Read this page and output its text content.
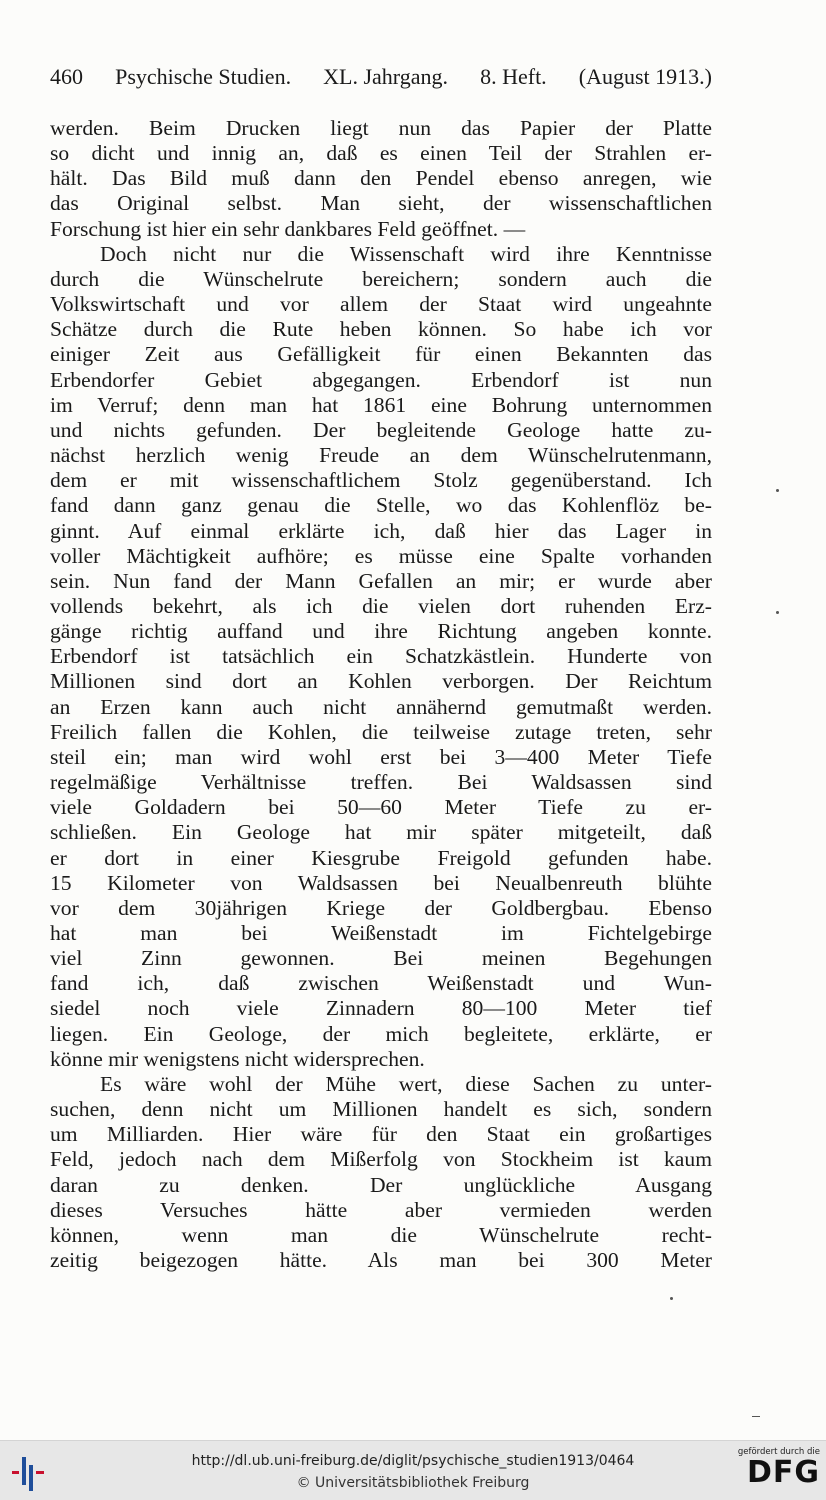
460 Psychische Studien. XL. Jahrgang. 8. Heft. (August 1913.)
werden. Beim Drucken liegt nun das Papier der Platte
so dicht und innig an, daß es einen Teil der Strahlen er-
hält. Das Bild muß dann den Pendel ebenso anregen, wie
das Original selbst. Man sieht, der wissenschaftlichen
Forschung ist hier ein sehr dankbares Feld geöffnet. —
Doch nicht nur die Wissenschaft wird ihre Kenntnisse
durch die Wünschelrute bereichern; sondern auch die
Volkswirtschaft und vor allem der Staat wird ungeahnte
Schätze durch die Rute heben können. So habe ich vor
einiger Zeit aus Gefälligkeit für einen Bekannten das
Erbendorfer Gebiet abgegangen. Erbendorf ist nun
im Verruf; denn man hat 1861 eine Bohrung unternommen
und nichts gefunden. Der begleitende Geologe hatte zu-
nächst herzlich wenig Freude an dem Wünschelrutenmann,
dem er mit wissenschaftlichem Stolz gegenüberstand. Ich
fand dann ganz genau die Stelle, wo das Kohlenflöz be-
ginnt. Auf einmal erklärte ich, daß hier das Lager in
voller Mächtigkeit aufhöre; es müsse eine Spalte vorhanden
sein. Nun fand der Mann Gefallen an mir; er wurde aber
vollends bekehrt, als ich die vielen dort ruhenden Erz-
gänge richtig auffand und ihre Richtung angeben konnte.
Erbendorf ist tatsächlich ein Schatzkästlein. Hunderte von
Millionen sind dort an Kohlen verborgen. Der Reichtum
an Erzen kann auch nicht annähernd gemutmaßt werden.
Freilich fallen die Kohlen, die teilweise zutage treten, sehr
steil ein; man wird wohl erst bei 3—400 Meter Tiefe
regelmäßige Verhältnisse treffen. Bei Waldsassen sind
viele Goldadern bei 50—60 Meter Tiefe zu er-
schließen. Ein Geologe hat mir später mitgeteilt, daß
er dort in einer Kiesgrube Freigold gefunden habe.
15 Kilometer von Waldsassen bei Neualbenreuth blühte
vor dem 30jährigen Kriege der Goldbergbau. Ebenso
hat man bei Weißenstadt im Fichtelgebirge
viel Zinn gewonnen. Bei meinen Begehungen
fand ich, daß zwischen Weißenstadt und Wun-
siedel noch viele Zinnadern 80—100 Meter tief
liegen. Ein Geologe, der mich begleitete, erklärte, er
könne mir wenigstens nicht widersprechen.
Es wäre wohl der Mühe wert, diese Sachen zu unter-
suchen, denn nicht um Millionen handelt es sich, sondern
um Milliarden. Hier wäre für den Staat ein großartiges
Feld, jedoch nach dem Mißerfolg von Stockheim ist kaum
daran zu denken. Der unglückliche Ausgang
dieses Versuches hätte aber vermieden werden
können, wenn man die Wünschelrute recht-
zeitig beigezogen hätte. Als man bei 300 Meter
http://dl.ub.uni-freiburg.de/diglit/psychische_studien1913/0464
© Universitätsbibliothek Freiburg
gefördert durch die
DFG
